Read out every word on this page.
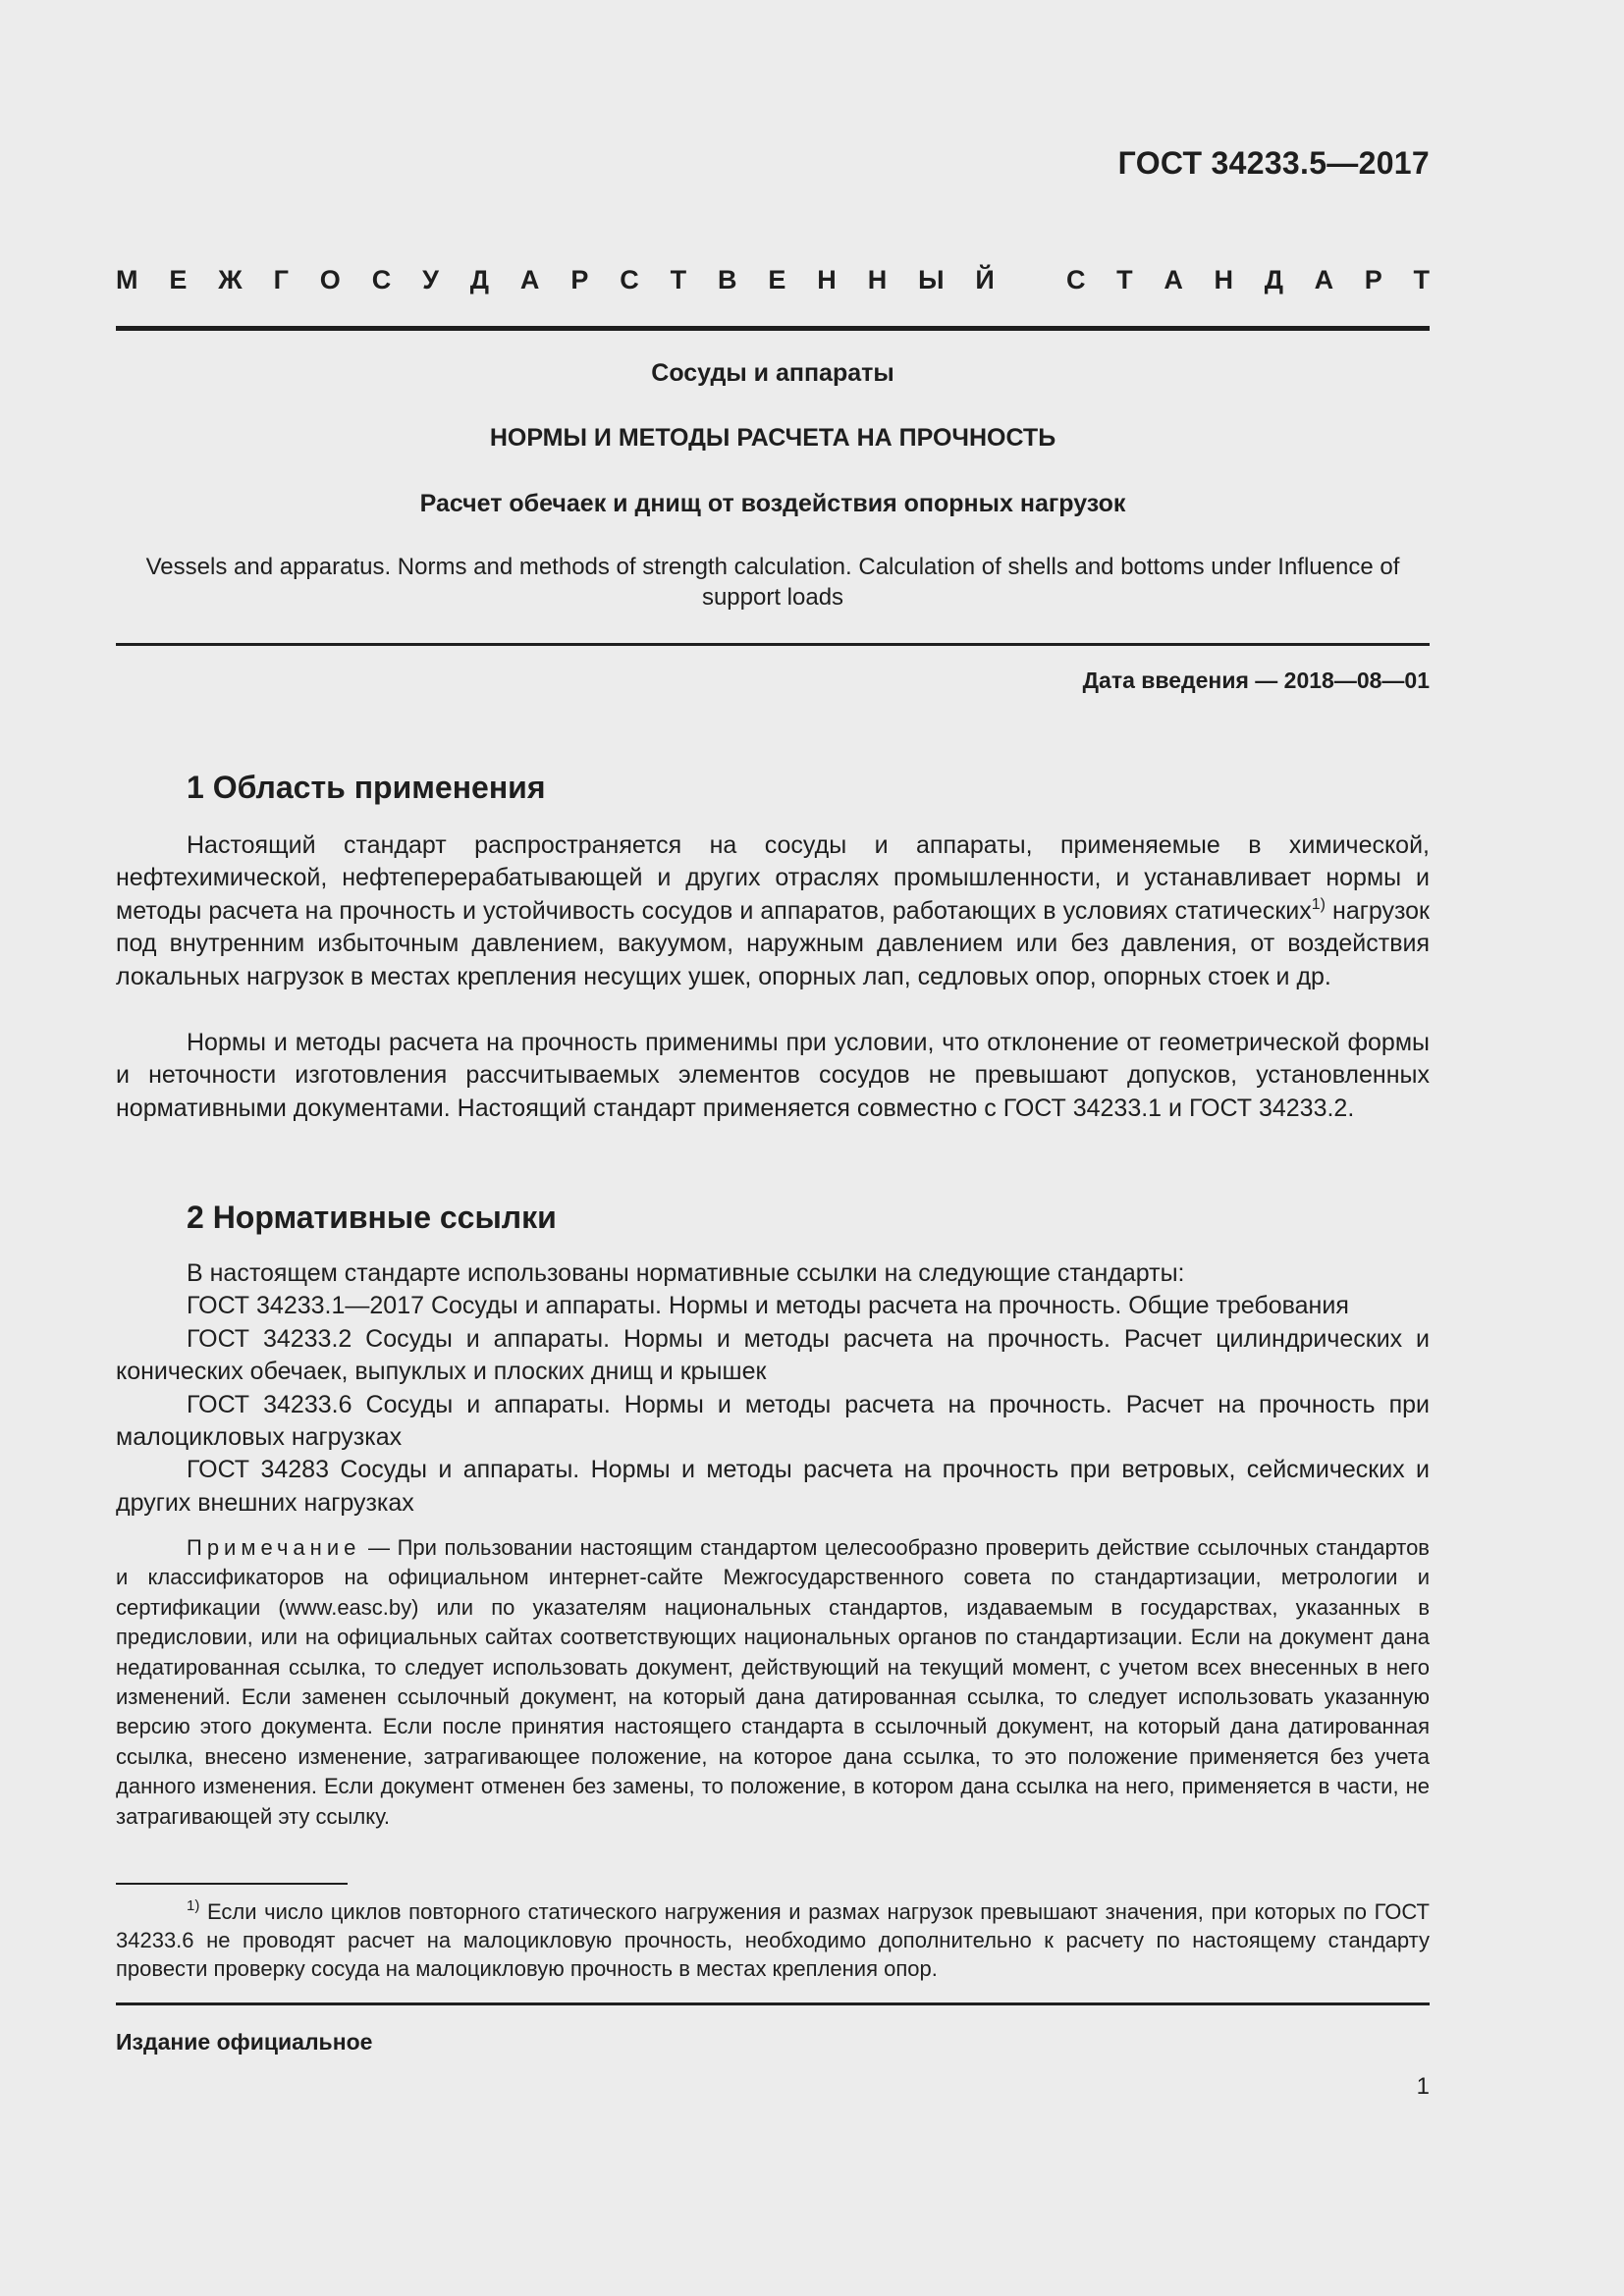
ГОСТ 34233.5—2017
М Е Ж Г О С У Д А Р С Т В Е Н Н Ы Й	С Т А Н Д А Р Т
Сосуды и аппараты
НОРМЫ И МЕТОДЫ РАСЧЕТА НА ПРОЧНОСТЬ
Расчет обечаек и днищ от воздействия опорных нагрузок
Vessels and apparatus. Norms and methods of strength calculation. Calculation of shells and bottoms under Influence of support loads
Дата введения — 2018—08—01
1 Область применения
Настоящий стандарт распространяется на сосуды и аппараты, применяемые в химической, нефтехимической, нефтеперерабатывающей и других отраслях промышленности, и устанавливает нормы и методы расчета на прочность и устойчивость сосудов и аппаратов, работающих в условиях статических$^{1)}$ нагрузок под внутренним избыточным давлением, вакуумом, наружным давлением или без давления, от воздействия локальных нагрузок в местах крепления несущих ушек, опорных лап, седловых опор, опорных стоек и др.
Нормы и методы расчета на прочность применимы при условии, что отклонение от геометрической формы и неточности изготовления рассчитываемых элементов сосудов не превышают допусков, установленных нормативными документами. Настоящий стандарт применяется совместно с ГОСТ 34233.1 и ГОСТ 34233.2.
2 Нормативные ссылки
В настоящем стандарте использованы нормативные ссылки на следующие стандарты:
ГОСТ 34233.1—2017 Сосуды и аппараты. Нормы и методы расчета на прочность. Общие требования
ГОСТ 34233.2 Сосуды и аппараты. Нормы и методы расчета на прочность. Расчет цилиндрических и конических обечаек, выпуклых и плоских днищ и крышек
ГОСТ 34233.6 Сосуды и аппараты. Нормы и методы расчета на прочность. Расчет на прочность при малоцикловых нагрузках
ГОСТ 34283 Сосуды и аппараты. Нормы и методы расчета на прочность при ветровых, сейсмических и других внешних нагрузках
Примечание — При пользовании настоящим стандартом целесообразно проверить действие ссылочных стандартов и классификаторов на официальном интернет-сайте Межгосударственного совета по стандартизации, метрологии и сертификации (www.easc.by) или по указателям национальных стандартов, издаваемым в государствах, указанных в предисловии, или на официальных сайтах соответствующих национальных органов по стандартизации. Если на документ дана недатированная ссылка, то следует использовать документ, действующий на текущий момент, с учетом всех внесенных в него изменений. Если заменен ссылочный документ, на который дана датированная ссылка, то следует использовать указанную версию этого документа. Если после принятия настоящего стандарта в ссылочный документ, на который дана датированная ссылка, внесено изменение, затрагивающее положение, на которое дана ссылка, то это положение применяется без учета данного изменения. Если документ отменен без замены, то положение, в котором дана ссылка на него, применяется в части, не затрагивающей эту ссылку.
$^{1)}$ Если число циклов повторного статического нагружения и размах нагрузок превышают значения, при которых по ГОСТ 34233.6 не проводят расчет на малоцикловую прочность, необходимо дополнительно к расчету по настоящему стандарту провести проверку сосуда на малоцикловую прочность в местах крепления опор.
Издание официальное
1
